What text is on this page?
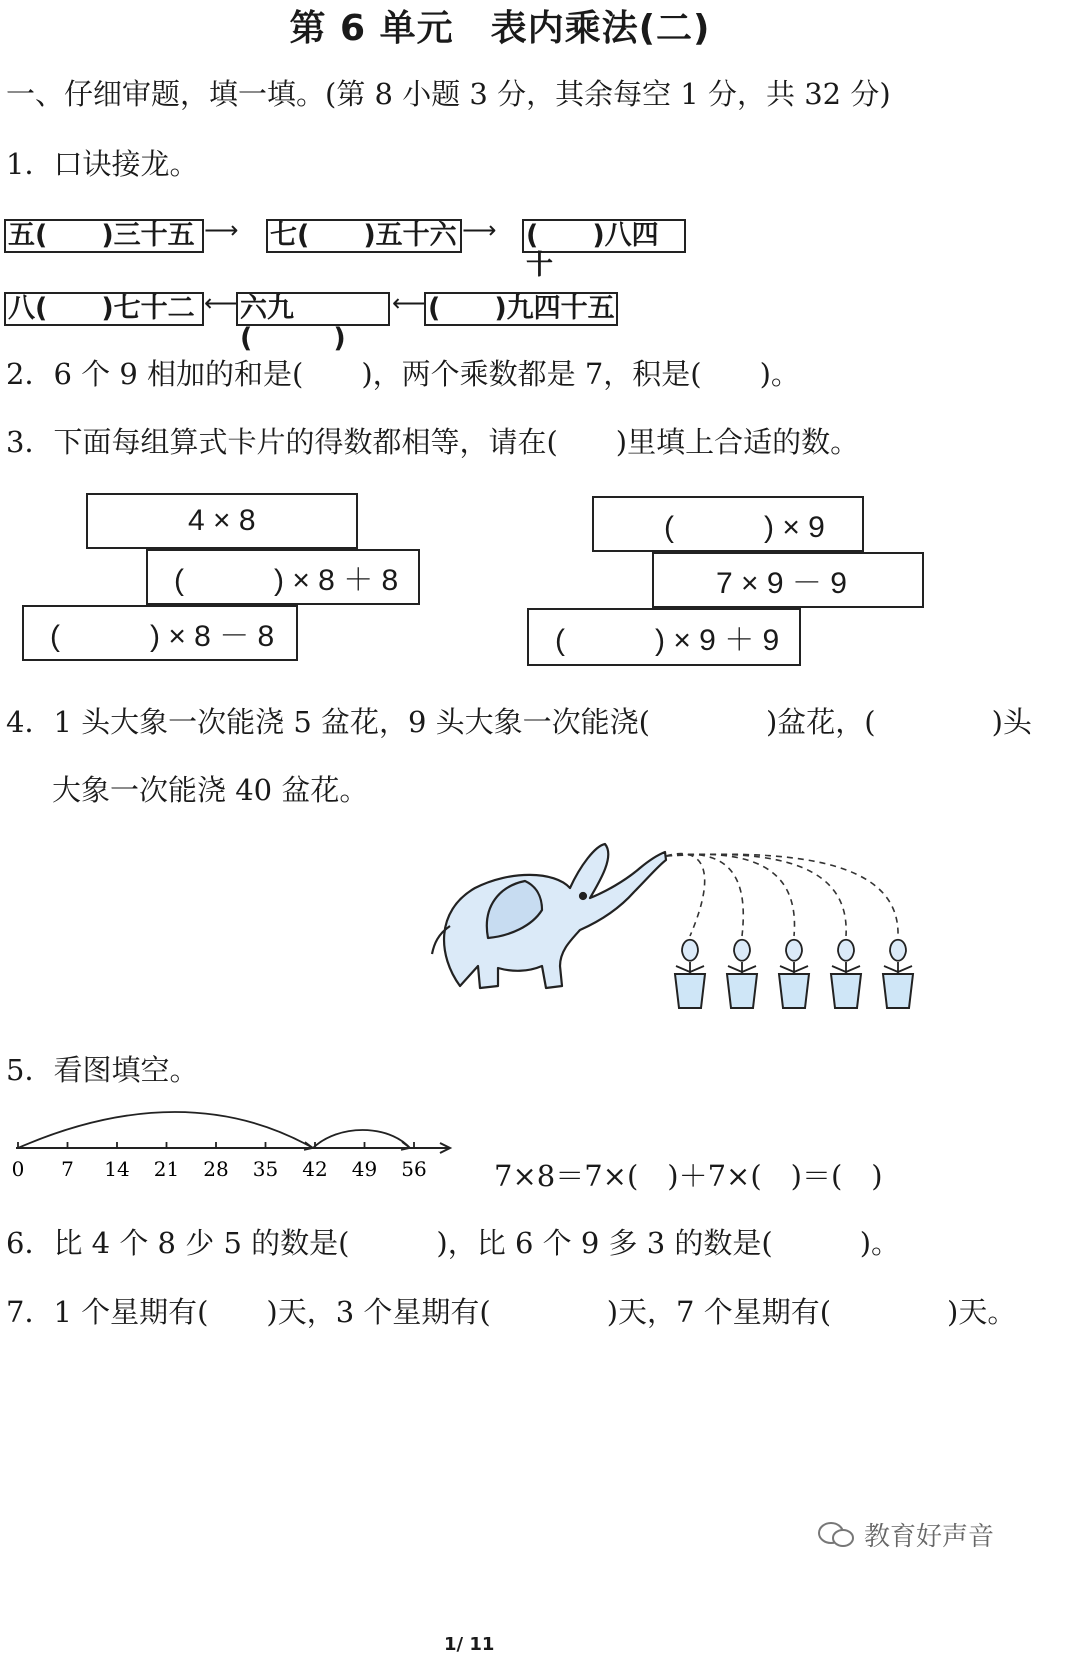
第 6 单元　表内乘法(二)
一、仔细审题，填一填。(第 8 小题 3 分，其余每空 1 分，共 32 分)
1．口诀接龙。
五(　　)三十五 ⟶ 七(　　)五十六 ⟶ (　　)八四十
八(　　)七十二 ⟵ 六九(　　　)
⟵ (　　)九四十五
2．6 个 9 相加的和是(　　)，两个乘数都是 7，积是(　　)。
3．下面每组算式卡片的得数都相等，请在(　　)里填上合适的数。
4 × 8
(　　　) × 8 ＋ 8
(　　　) × 8 － 8
(　　　) × 9
7 × 9 － 9
(　　　) × 9 ＋ 9
4．1 头大象一次能浇 5 盆花，9 头大象一次能浇(　　　　)盆花，(　　　　)头
大象一次能浇 40 盆花。
5．看图填空。
0 7 14 21 28 35 42 49 56 7×8＝7×(　)＋7×(　)＝(　)
6．比 4 个 8 少 5 的数是(　　　)，比 6 个 9 多 3 的数是(　　　)。
7．1 个星期有(　　)天，3 个星期有(　　　　)天，7 个星期有(　　　　)天。
教育好声音
1/ 11
